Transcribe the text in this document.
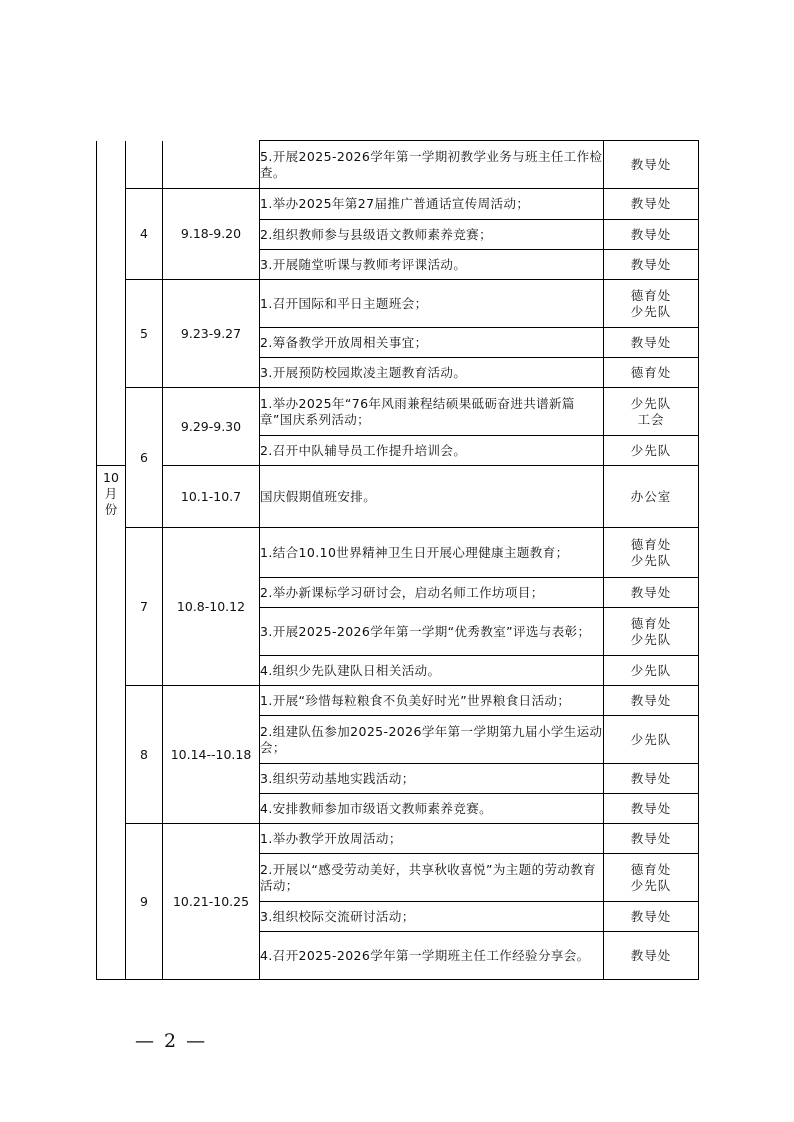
			5.开展2025-2026学年第一学期初教学业务与班主任工作检查。	教导处
	4	9.18-9.20	1.举办2025年第27届推广普通话宣传周活动；	教导处

			2.组织教师参与县级语文教师素养竞赛；	教导处

			3.开展随堂听课与教师考评课活动。	教导处

	5	9.23-9.27	1.召开国际和平日主题班会；	德育处
少先队

			2.筹备教学开放周相关事宜；	教导处

			3.开展预防校园欺凌主题教育活动。	德育处

	6	9.29-9.30	1.举办2025年“76年风雨兼程结硕果砥砺奋进共谱新篇章”国庆系列活动；	少先队
工会

			2.召开中队辅导员工作提升培训会。	少先队

10
月
份		10.1-10.7	国庆假期值班安排。	办公室

	7	10.8-10.12	1.结合10.10世界精神卫生日开展心理健康主题教育；	德育处
少先队

			2.举办新课标学习研讨会，启动名师工作坊项目；	教导处

			3.开展2025-2026学年第一学期“优秀教室”评选与表彰；	德育处
少先队

			4.组织少先队建队日相关活动。	少先队

	8	10.14--10.18	1.开展“珍惜每粒粮食不负美好时光”世界粮食日活动；	教导处

			2.组建队伍参加2025-2026学年第一学期第九届小学生运动会；	少先队

			3.组织劳动基地实践活动；	教导处

			4.安排教师参加市级语文教师素养竞赛。	教导处

	9	10.21-10.25	1.举办教学开放周活动；	教导处

			2.开展以“感受劳动美好，共享秋收喜悦”为主题的劳动教育活动；	德育处
少先队

			3.组织校际交流研讨活动；	教导处

			4.召开2025-2026学年第一学期班主任工作经验分享会。	教导处
— 2 —
